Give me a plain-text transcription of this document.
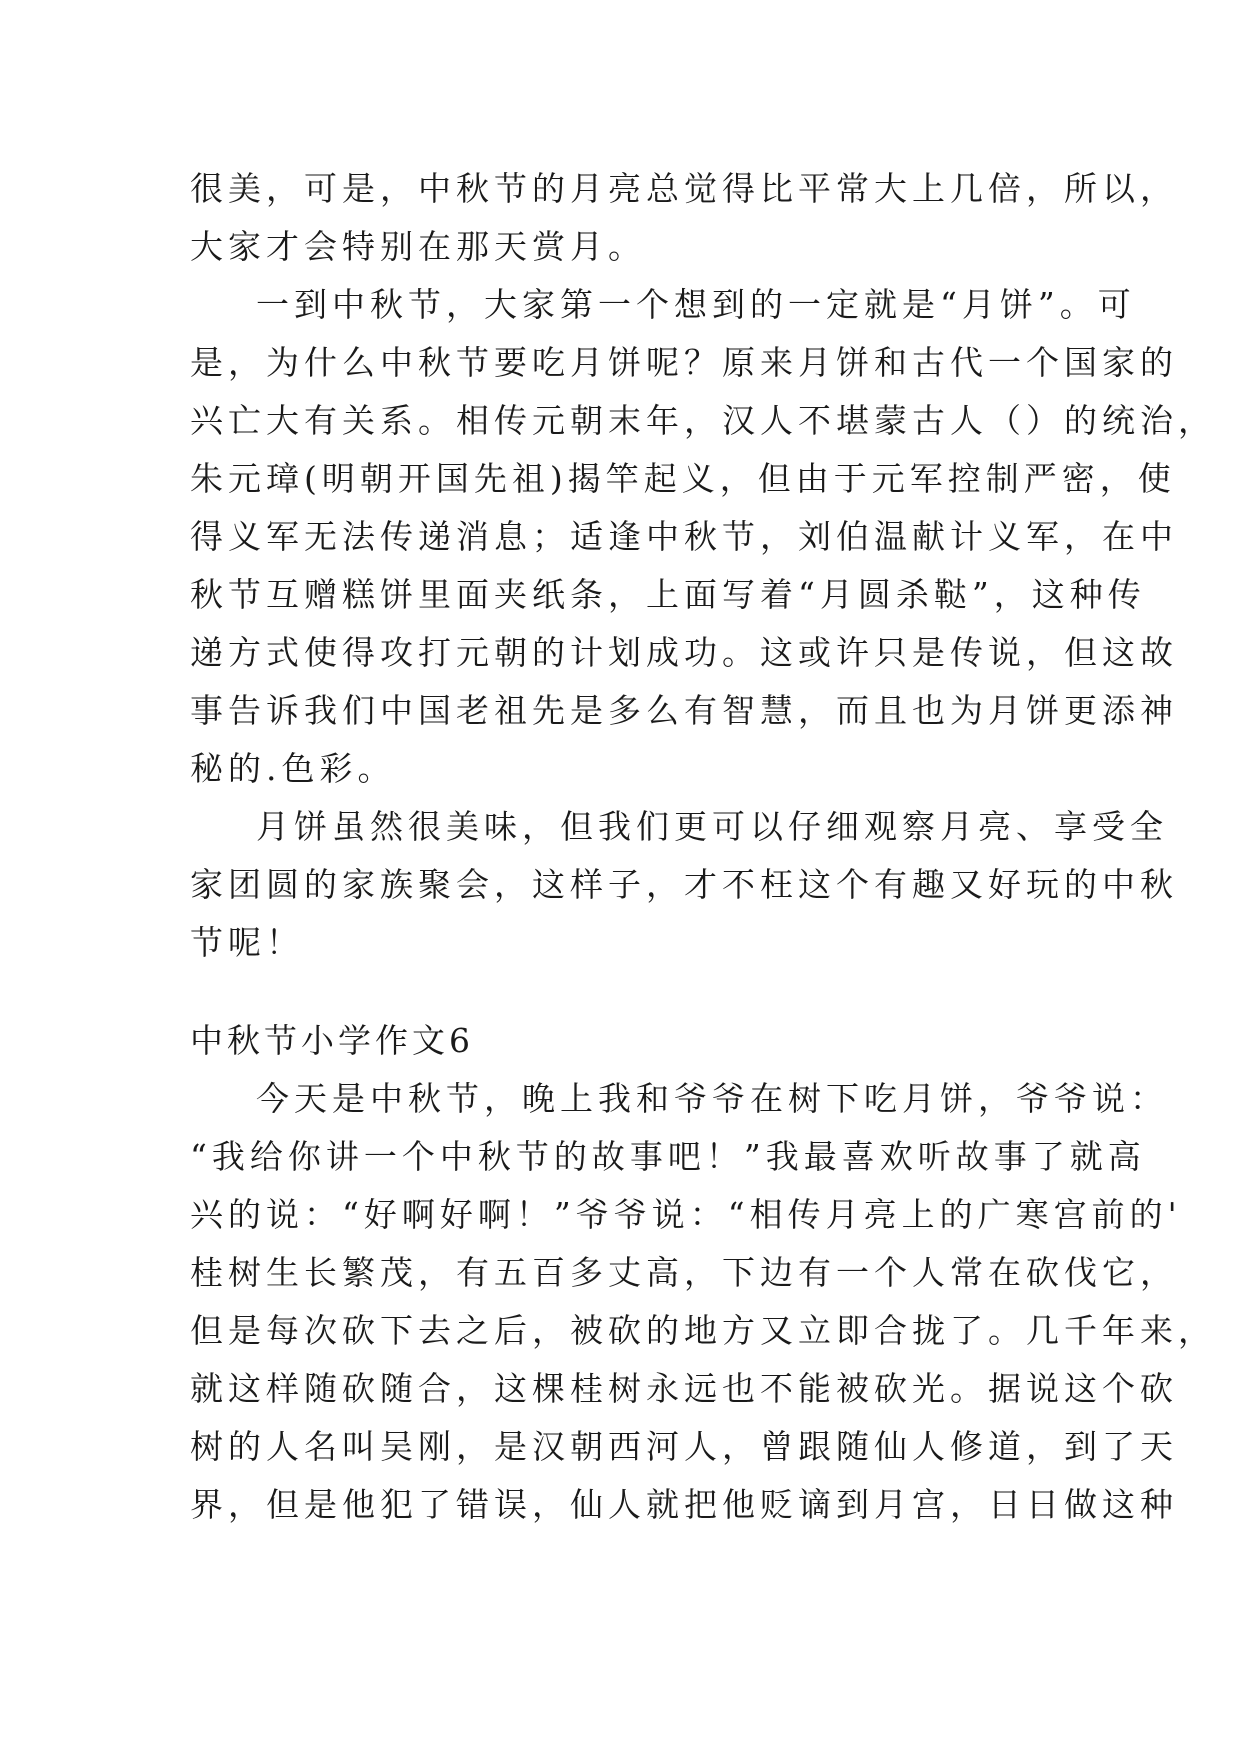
很美，可是，中秋节的月亮总觉得比平常大上几倍，所以，
大家才会特别在那天赏月。
一到中秋节，大家第一个想到的一定就是“月饼”。可
是，为什么中秋节要吃月饼呢？原来月饼和古代一个国家的
兴亡大有关系。相传元朝末年，汉人不堪蒙古人（）的统治，
朱元璋(明朝开国先祖)揭竿起义，但由于元军控制严密，使
得义军无法传递消息；适逢中秋节，刘伯温献计义军，在中
秋节互赠糕饼里面夹纸条，上面写着“月圆杀鞑”，这种传
递方式使得攻打元朝的计划成功。这或许只是传说，但这故
事告诉我们中国老祖先是多么有智慧，而且也为月饼更添神
秘的.色彩。
月饼虽然很美味，但我们更可以仔细观察月亮、享受全
家团圆的家族聚会，这样子，才不枉这个有趣又好玩的中秋
节呢！
中秋节小学作文6
今天是中秋节，晚上我和爷爷在树下吃月饼，爷爷说：
“我给你讲一个中秋节的故事吧！”我最喜欢听故事了就高
兴的说：“好啊好啊！”爷爷说：“相传月亮上的广寒宫前的'
桂树生长繁茂，有五百多丈高，下边有一个人常在砍伐它，
但是每次砍下去之后，被砍的地方又立即合拢了。几千年来，
就这样随砍随合，这棵桂树永远也不能被砍光。据说这个砍
树的人名叫吴刚，是汉朝西河人，曾跟随仙人修道，到了天
界，但是他犯了错误，仙人就把他贬谪到月宫，日日做这种
